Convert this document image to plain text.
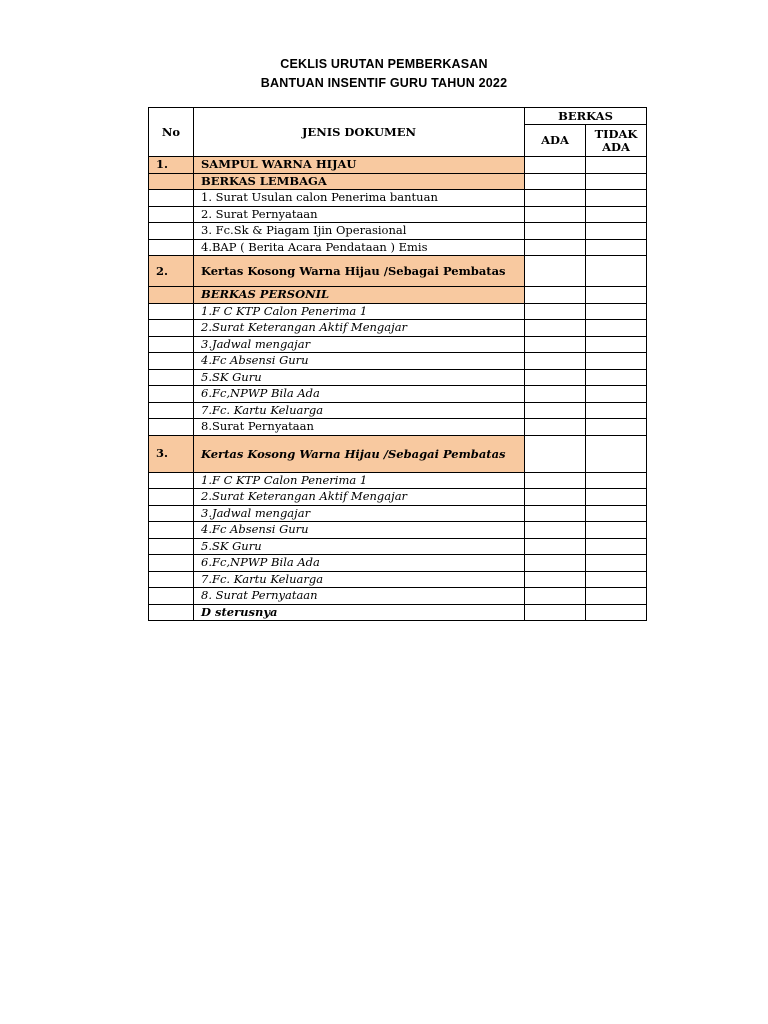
CEKLIS URUTAN PEMBERKASAN
BANTUAN INSENTIF GURU TAHUN 2022
No	JENIS DOKUMEN	BERKAS	
		ADA	TIDAK ADA
1.	SAMPUL WARNA HIJAU		
	BERKAS LEMBAGA		
	1. Surat Usulan calon Penerima bantuan		
	2. Surat Pernyataan		
	3. Fc.Sk & Piagam Ijin Operasional		
	4.BAP ( Berita Acara Pendataan ) Emis		
2.	Kertas Kosong Warna Hijau /Sebagai Pembatas		
	BERKAS PERSONIL		
	1.F C KTP Calon Penerima 1		
	2.Surat Keterangan Aktif Mengajar		
	3.Jadwal mengajar		
	4.Fc Absensi Guru		
	5.SK Guru		
	6.Fc,NPWP Bila Ada		
	7.Fc. Kartu Keluarga		
	8.Surat Pernyataan		
3.	Kertas Kosong Warna Hijau /Sebagai Pembatas		
	1.F C KTP Calon Penerima 1		
	2.Surat Keterangan Aktif Mengajar		
	3.Jadwal mengajar		
	4.Fc Absensi Guru		
	5.SK Guru		
	6.Fc,NPWP Bila Ada		
	7.Fc. Kartu Keluarga		
	8. Surat Pernyataan		
	D sterusnya		
